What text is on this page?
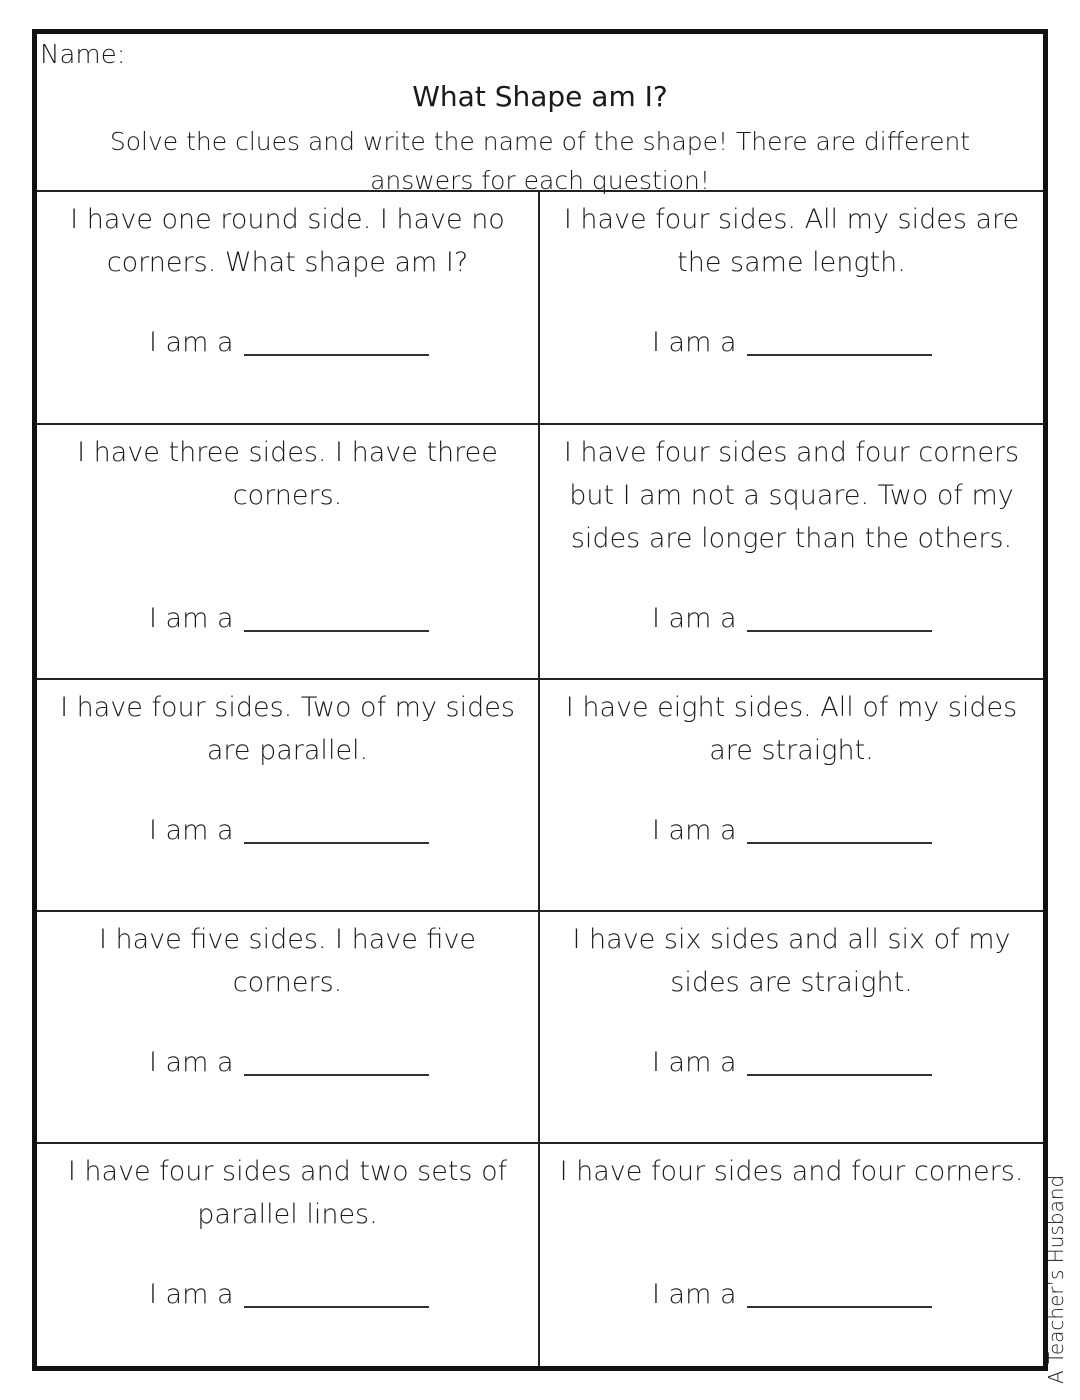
Name:
What Shape am I?
Solve the clues and write the name of the shape! There are different answers for each question!
I have one round side. I have no corners. What shape am I?
I am a
I have four sides. All my sides are the same length.
I am a
I have three sides. I have three corners.
I am a
I have four sides and four corners but I am not a square. Two of my sides are longer than the others.
I am a
I have four sides. Two of my sides are parallel.
I am a
I have eight sides. All of my sides are straight.
I am a
I have five sides. I have five corners.
I am a
I have six sides and all six of my sides are straight.
I am a
I have four sides and two sets of parallel lines.
I am a
I have four sides and four corners.
I am a	A Teacher’s Husband
